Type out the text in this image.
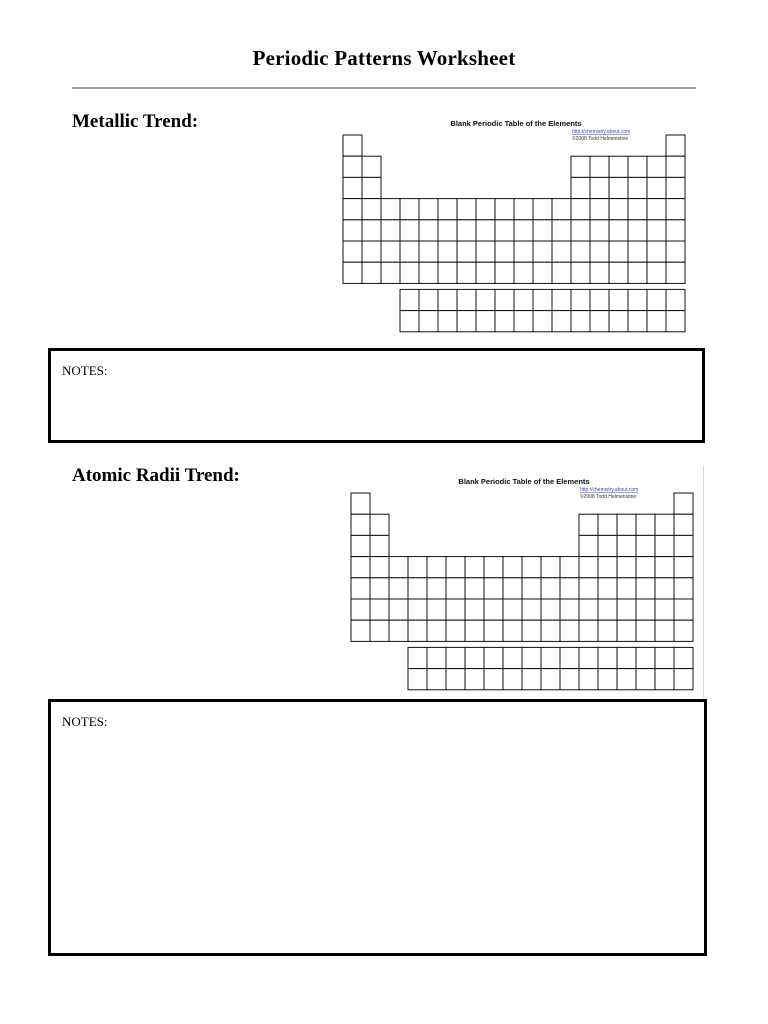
Periodic Patterns Worksheet
Metallic Trend:	Blank Periodic Table of the Elements
http://chemistry.about.com
©2008 Todd Helmenstine
NOTES:
Atomic Radii Trend:	Blank Periodic Table of the Elements
http://chemistry.about.com
©2008 Todd Helmenstine
NOTES:
